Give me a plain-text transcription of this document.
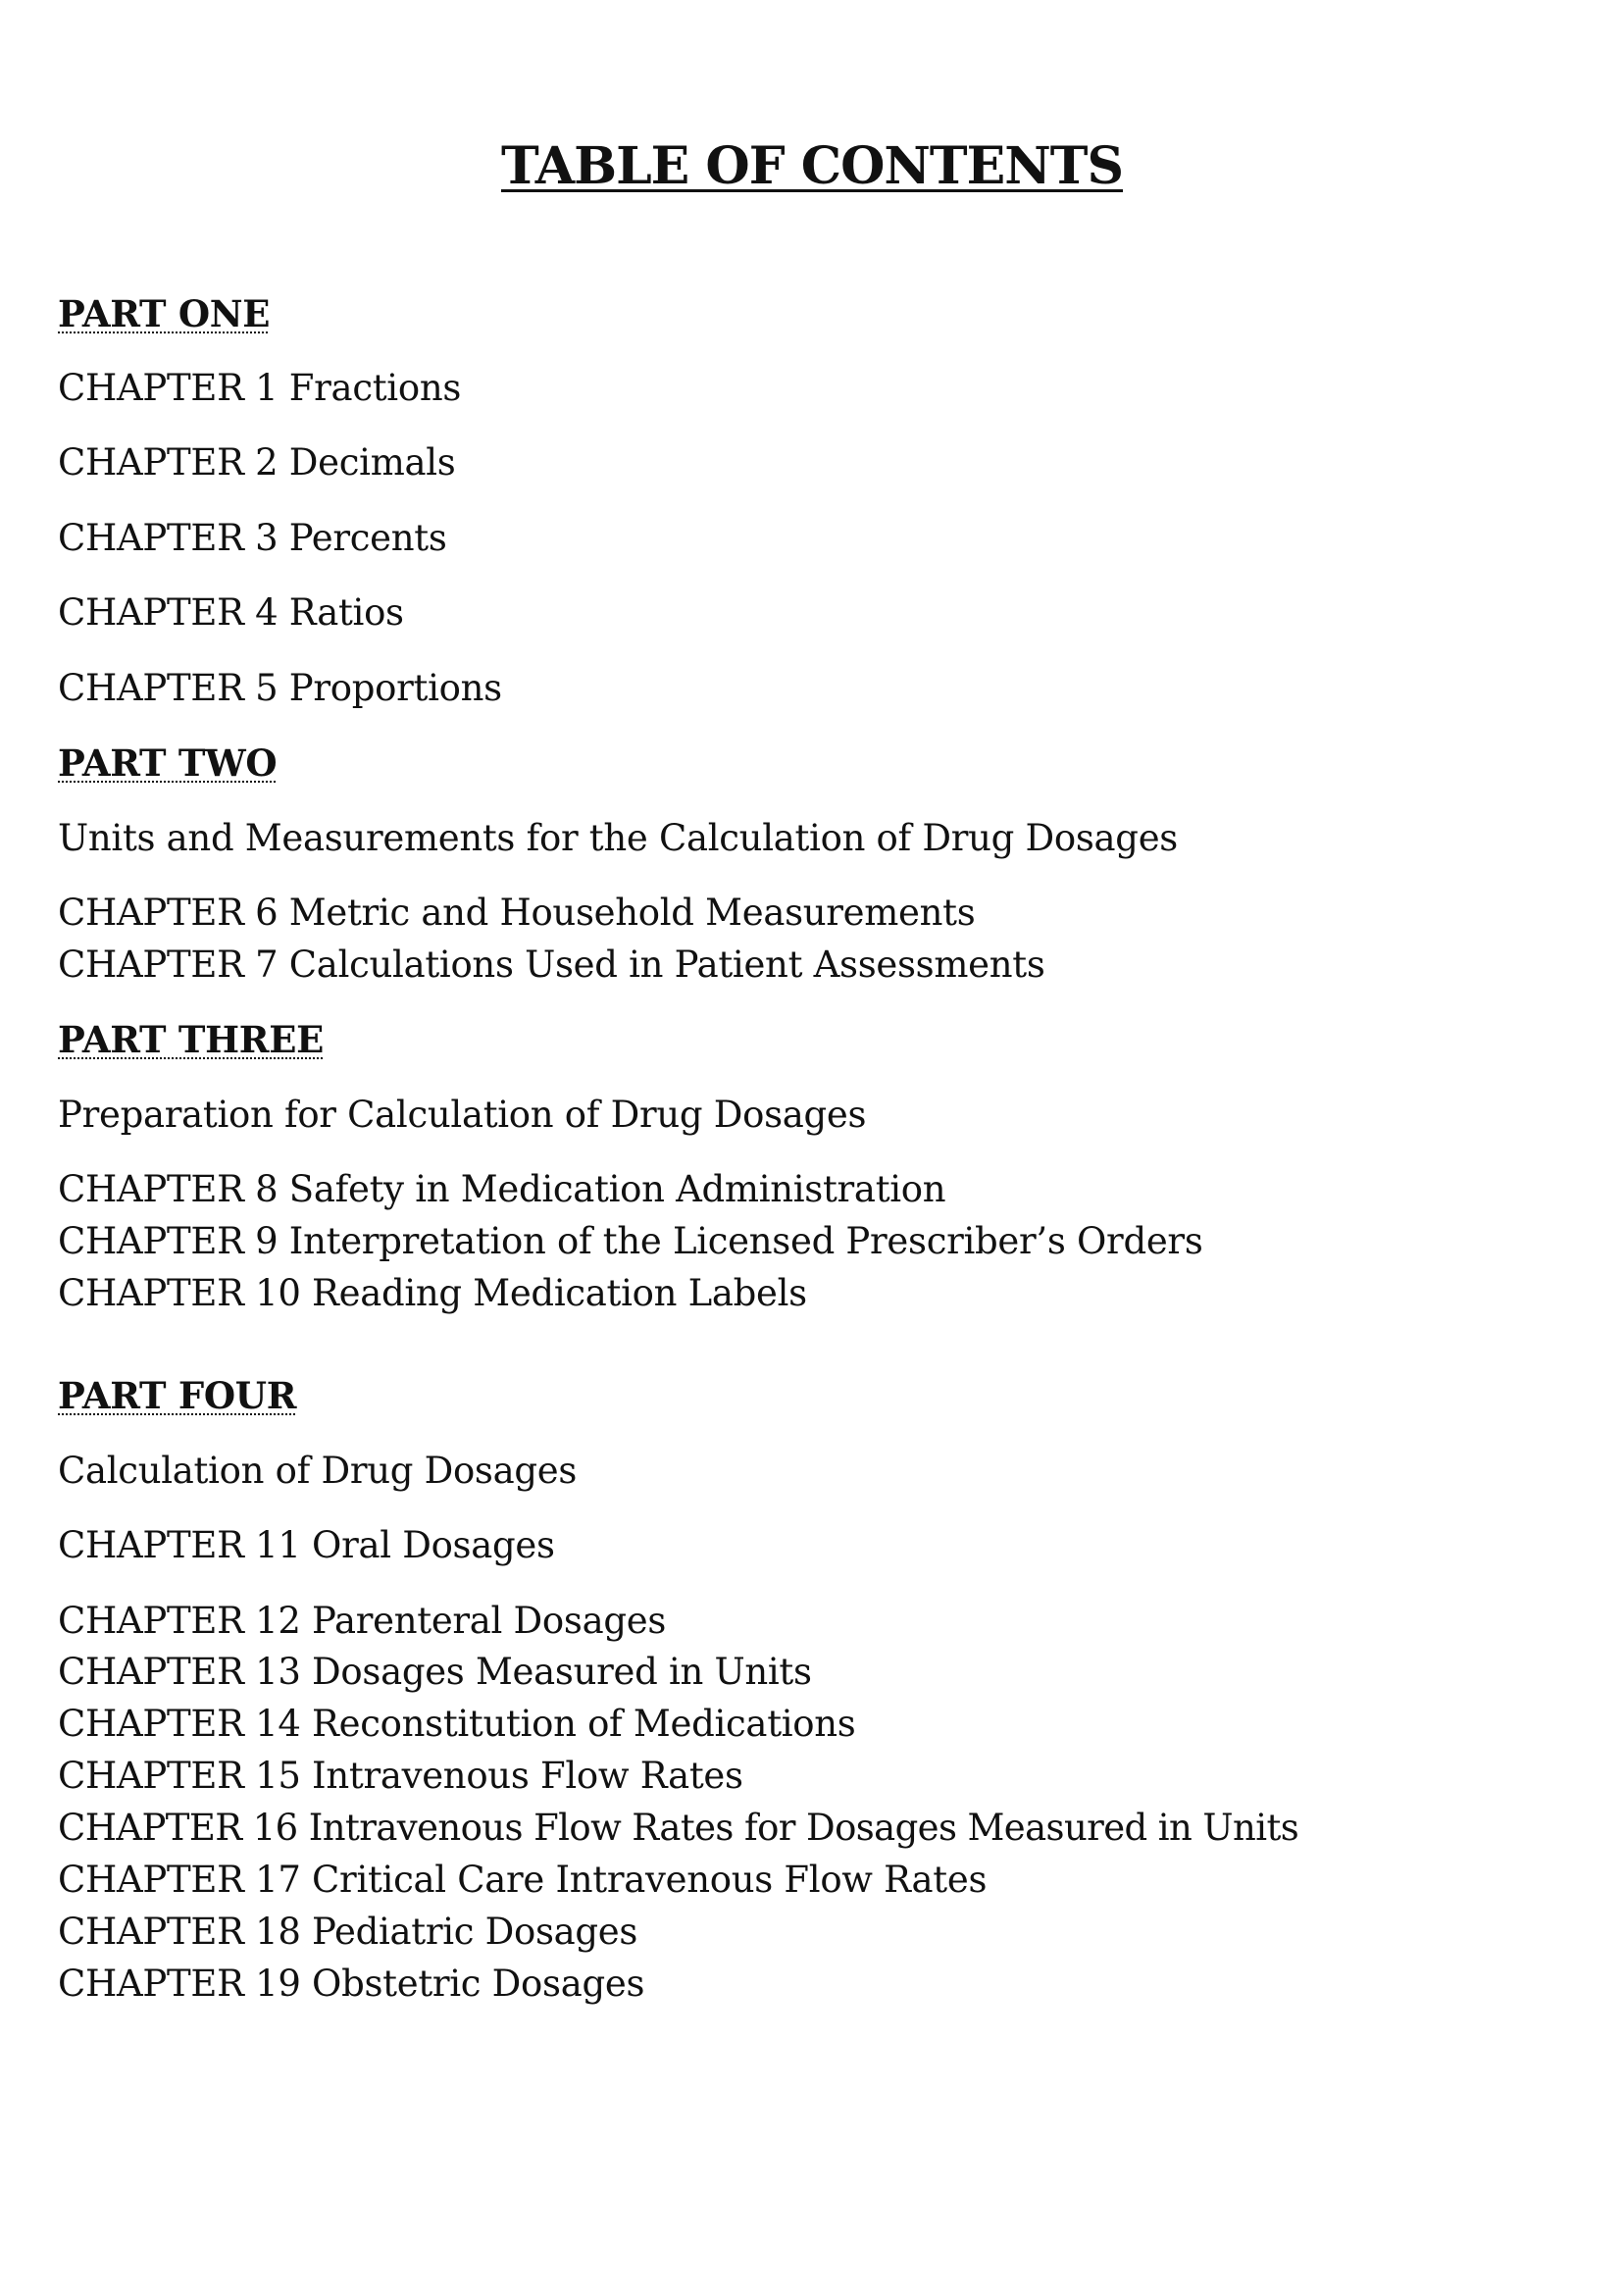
TABLE OF CONTENTS
PART ONE
CHAPTER 1 Fractions
CHAPTER 2 Decimals
CHAPTER 3 Percents
CHAPTER 4 Ratios
CHAPTER 5 Proportions
PART TWO
Units and Measurements for the Calculation of Drug Dosages
CHAPTER 6 Metric and Household Measurements
CHAPTER 7 Calculations Used in Patient Assessments
PART THREE
Preparation for Calculation of Drug Dosages
CHAPTER 8 Safety in Medication Administration
CHAPTER 9 Interpretation of the Licensed Prescriber’s Orders
CHAPTER 10 Reading Medication Labels
PART FOUR
Calculation of Drug Dosages
CHAPTER 11 Oral Dosages
CHAPTER 12 Parenteral Dosages
CHAPTER 13 Dosages Measured in Units
CHAPTER 14 Reconstitution of Medications
CHAPTER 15 Intravenous Flow Rates
CHAPTER 16 Intravenous Flow Rates for Dosages Measured in Units
CHAPTER 17 Critical Care Intravenous Flow Rates
CHAPTER 18 Pediatric Dosages
CHAPTER 19 Obstetric Dosages
